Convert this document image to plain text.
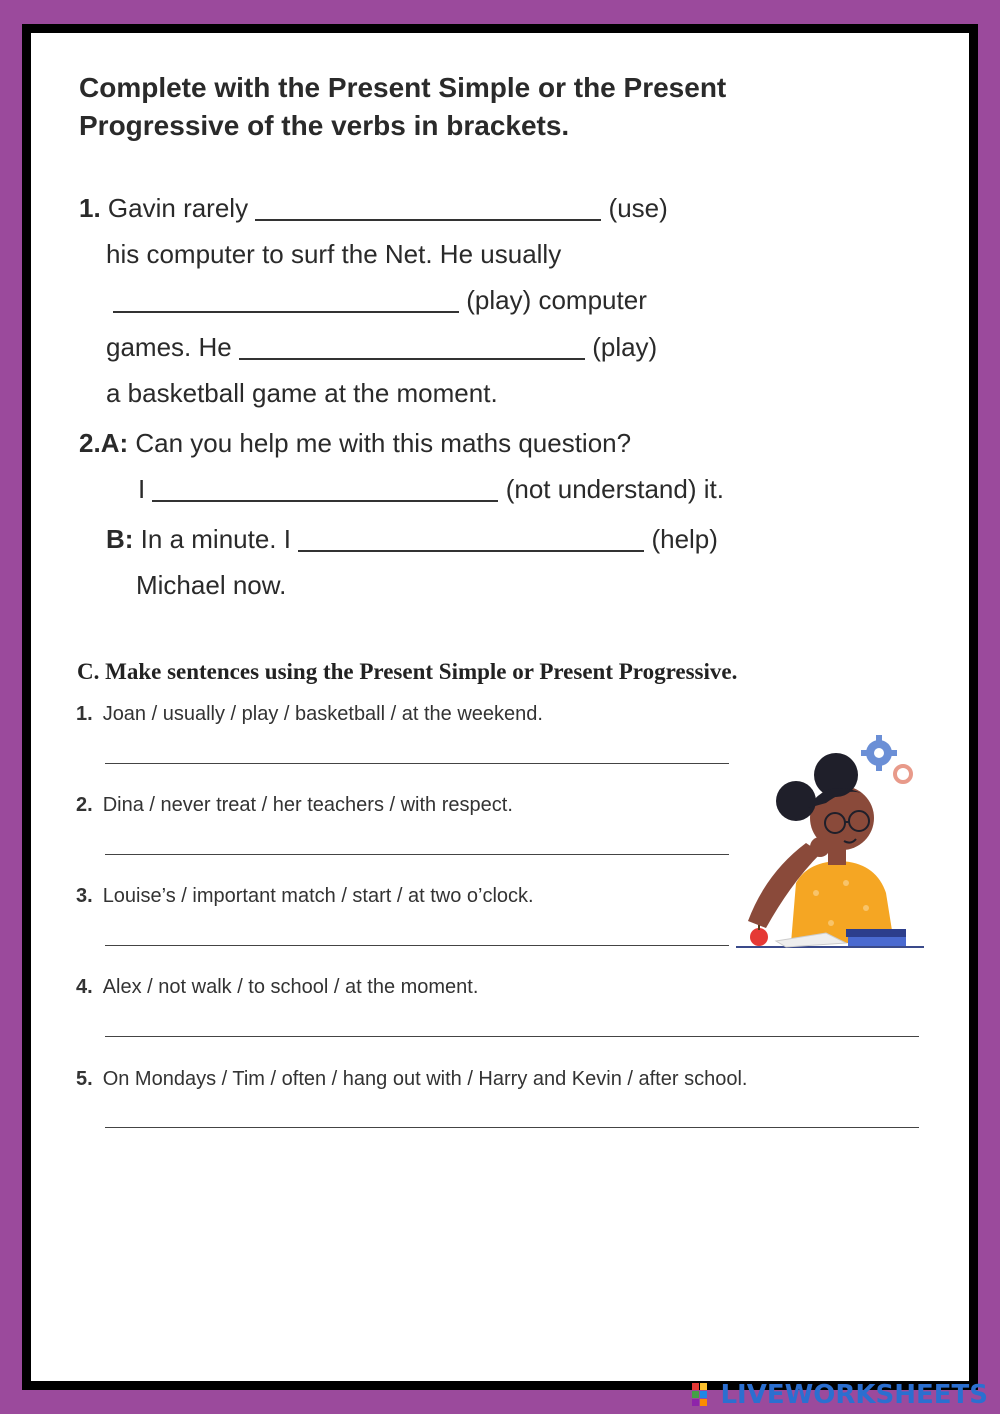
Complete with the Present Simple or the Present Progressive of the verbs in brackets.
1. Gavin rarely	(use)
his computer to surf the Net. He usually
(play) computer
games. He	(play)
a basketball game at the moment.
2.A: Can you help me with this maths question?
I	(not understand) it.
B: In a minute. I	(help)
Michael now.
C. Make sentences using the Present Simple or Present Progressive.
1. Joan / usually / play / basketball / at the weekend.
2. Dina / never treat / her teachers / with respect.
3. Louise’s / important match / start / at two o’clock.
4. Alex / not walk / to school / at the moment.
5. On Mondays / Tim / often / hang out with / Harry and Kevin / after school.
LIVEWORKSHEETS
